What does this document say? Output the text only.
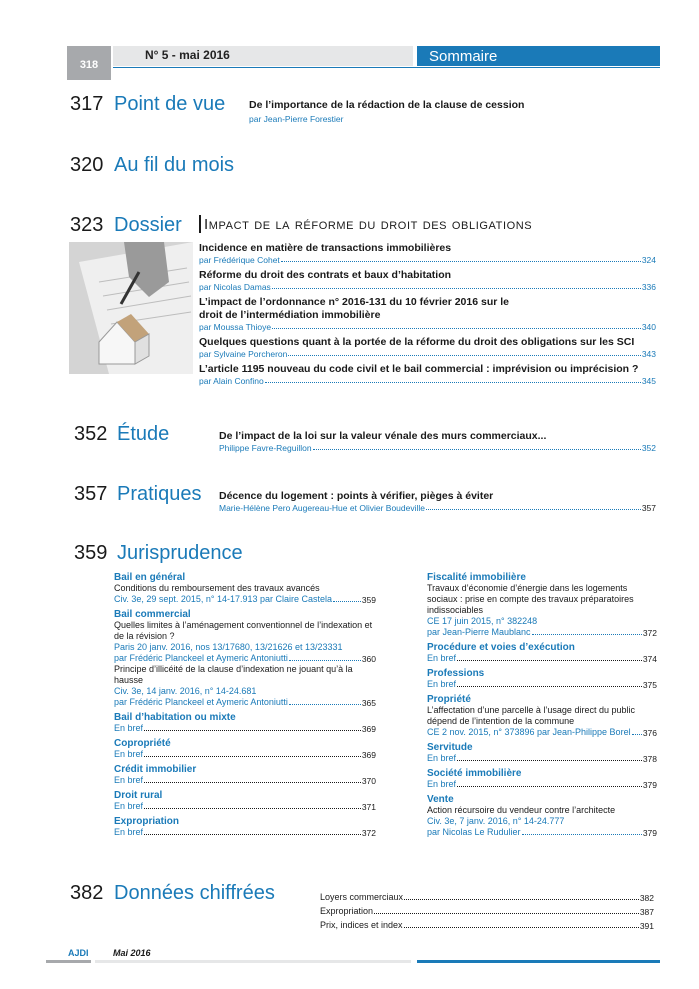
318
N° 5 - mai 2016	Sommaire
317 Point de vue De l’importance de la rédaction de la clause de cession
par Jean-Pierre Forestier
320 Au fil du mois
323 Dossier Impact de la réforme du droit des obligations
Incidence en matière de transactions immobilières
par Frédérique Cohet	324
Réforme du droit des contrats et baux d’habitation
par Nicolas Damas	336
L’impact de l’ordonnance n° 2016-131 du 10 février 2016 sur le droit de l’intermédiation immobilière
par Moussa Thioye	340
Quelques questions quant à la portée de la réforme du droit des obligations sur les SCI
par Sylvaine Porcheron	343
L’article 1195 nouveau du code civil et le bail commercial : imprévision ou imprécision ?
par Alain Confino	345
352 Étude	De l’impact de la loi sur la valeur vénale des murs commerciaux...
Philippe Favre-Reguillon	352
357 Pratiques Décence du logement : points à vérifier, pièges à éviter
Marie-Hélène Pero Augereau-Hue et Olivier Boudeville	357
359 Jurisprudence
Bail en général
Conditions du remboursement des travaux avancés
Civ. 3e, 29 sept. 2015, n° 14-17.913 par Claire Castela	359
Bail commercial
Quelles limites à l’aménagement conventionnel de l’indexation et de la révision ?
Paris 20 janv. 2016, nos 13/17680, 13/21626 et 13/23331
par Frédéric Planckeel et Aymeric Antoniutti	360
Principe d’illicéité de la clause d’indexation ne jouant qu’à la hausse
Civ. 3e, 14 janv. 2016, n° 14-24.681
par Frédéric Planckeel et Aymeric Antoniutti	365
Bail d’habitation ou mixte
En bref	369
Copropriété
En bref	369
Crédit immobilier
En bref	370
Droit rural
En bref	371
Expropriation
En bref	372
Fiscalité immobilière
Travaux d’économie d’énergie dans les logements sociaux : prise en compte des travaux préparatoires indissociables
CE 17 juin 2015, n° 382248
par Jean-Pierre Maublanc	372
Procédure et voies d’exécution
En bref	374
Professions
En bref	375
Propriété
L’affectation d’une parcelle à l’usage direct du public dépend de l’intention de la commune
CE 2 nov. 2015, n° 373896 par Jean-Philippe Borel 376
Servitude
En bref	378
Société immobilière
En bref	379
Vente
Action récursoire du vendeur contre l’architecte
Civ. 3e, 7 janv. 2016, n° 14-24.777
par Nicolas Le Rudulier	379
382 Données chiffrées	Loyers commerciaux	382
Expropriation	387
Prix, indices et index	391
AJDI	Mai 2016
